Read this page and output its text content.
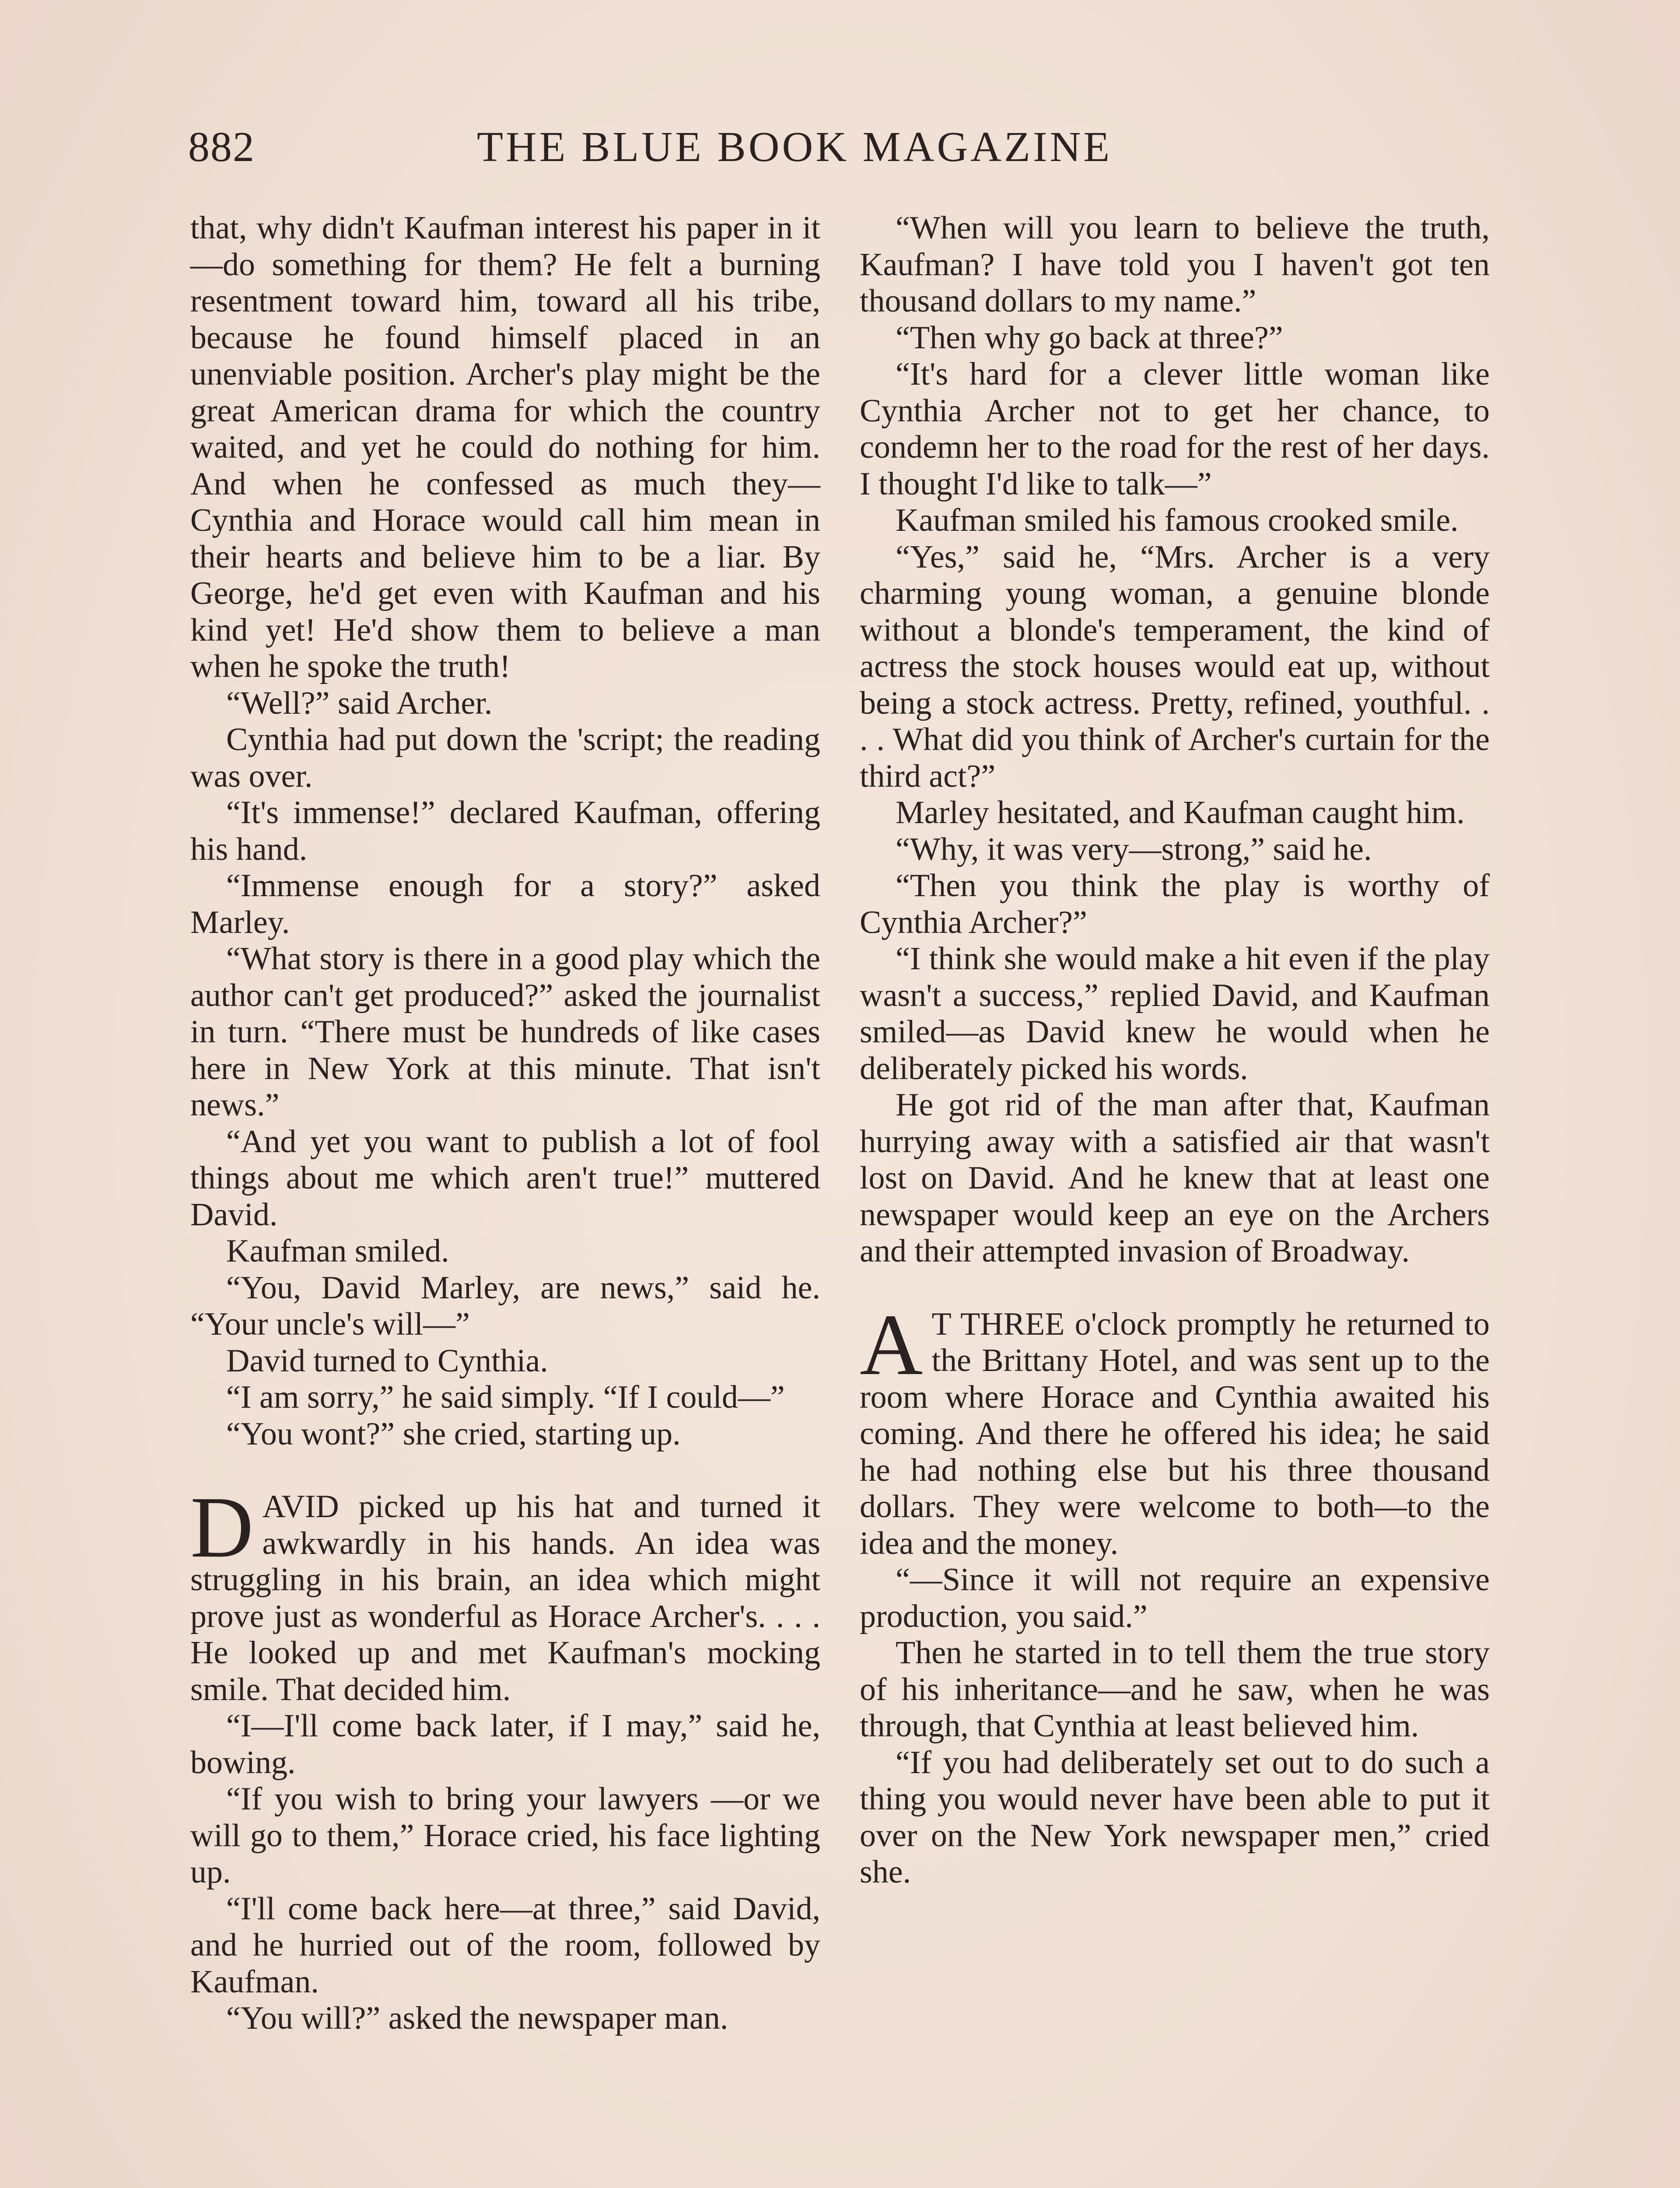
882	THE BLUE BOOK MAGAZINE

that, why didn't Kaufman interest his paper in it—do something for them? He felt a burning resentment toward him, toward all his tribe, because he found himself placed in an unenviable position. Archer's play might be the great American drama for which the country waited, and yet he could do nothing for him. And when he confessed as much they— Cynthia and Horace would call him mean in their hearts and believe him to be a liar. By George, he'd get even with Kaufman and his kind yet! He'd show them to believe a man when he spoke the truth!

“Well?” said Archer.

Cynthia had put down the 'script; the reading was over.

“It's immense!” declared Kaufman, offering his hand.

“Immense enough for a story?” asked Marley.

“What story is there in a good play which the author can't get produced?” asked the journalist in turn. “There must be hundreds of like cases here in New York at this minute. That isn't news.”

“And yet you want to publish a lot of fool things about me which aren't true!” muttered David.

Kaufman smiled.

“You, David Marley, are news,” said he. “Your uncle's will—”

David turned to Cynthia.

“I am sorry,” he said simply. “If I could—”

“You wont?” she cried, starting up.

DAVID picked up his hat and turned it awkwardly in his hands. An idea was struggling in his brain, an idea which might prove just as wonderful as Horace Archer's. . . . He looked up and met Kaufman's mocking smile. That decided him.

“I—I'll come back later, if I may,” said he, bowing.

“If you wish to bring your lawyers —or we will go to them,” Horace cried, his face lighting up.

“I'll come back here—at three,” said David, and he hurried out of the room, followed by Kaufman.

“You will?” asked the newspaper man.

“When will you learn to believe the truth, Kaufman? I have told you I haven't got ten thousand dollars to my name.”

“Then why go back at three?”

“It's hard for a clever little woman like Cynthia Archer not to get her chance, to condemn her to the road for the rest of her days. I thought I'd like to talk—”

Kaufman smiled his famous crooked smile.

“Yes,” said he, “Mrs. Archer is a very charming young woman, a genuine blonde without a blonde's temperament, the kind of actress the stock houses would eat up, without being a stock actress. Pretty, refined, youthful. . . . What did you think of Archer's curtain for the third act?”

Marley hesitated, and Kaufman caught him.

“Why, it was very—strong,” said he.

“Then you think the play is worthy of Cynthia Archer?”

“I think she would make a hit even if the play wasn't a success,” replied David, and Kaufman smiled—as David knew he would when he deliberately picked his words.

He got rid of the man after that, Kaufman hurrying away with a satisfied air that wasn't lost on David. And he knew that at least one newspaper would keep an eye on the Archers and their attempted invasion of Broadway.

A T THREE o'clock promptly he returned to the Brittany Hotel, and was sent up to the room where Horace and Cynthia awaited his coming. And there he offered his idea; he said he had nothing else but his three thousand dollars. They were welcome to both—to the idea and the money.

“—Since it will not require an expensive production, you said.”

Then he started in to tell them the true story of his inheritance—and he saw, when he was through, that Cynthia at least believed him.

“If you had deliberately set out to do such a thing you would never have been able to put it over on the New York newspaper men,” cried she.
